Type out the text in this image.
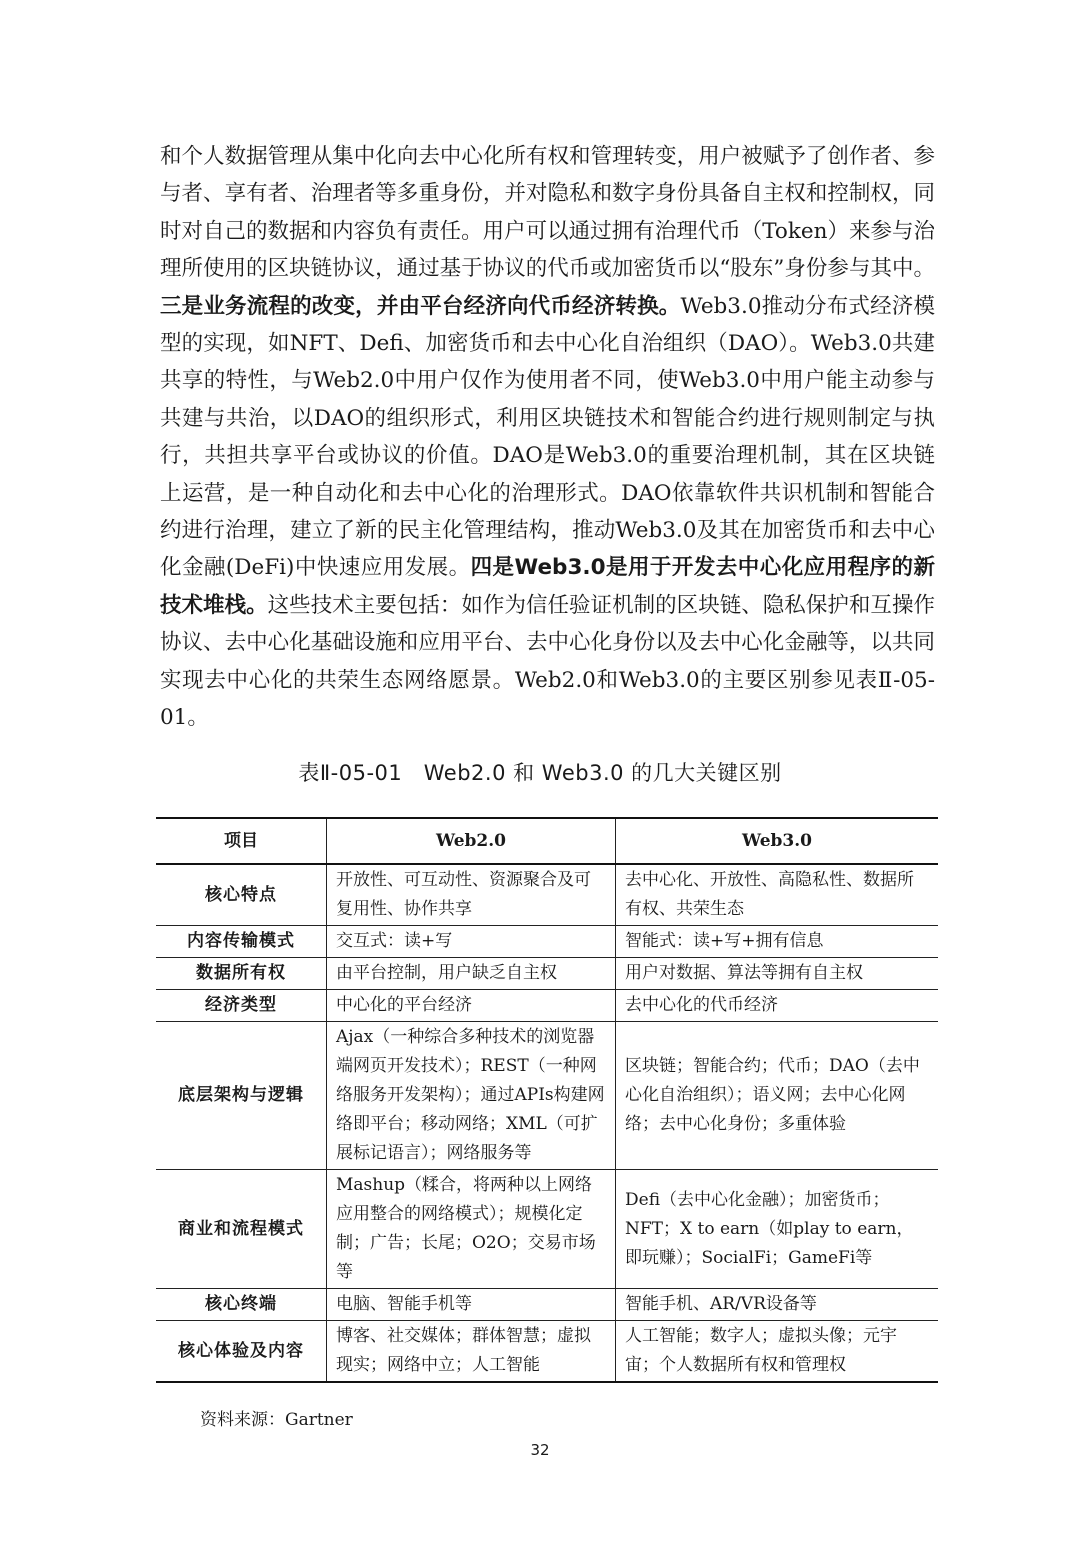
和个人数据管理从集中化向去中心化所有权和管理转变，用户被赋予了创作者、参与者、享有者、治理者等多重身份，并对隐私和数字身份具备自主权和控制权，同时对自己的数据和内容负有责任。用户可以通过拥有治理代币（Token）来参与治理所使用的区块链协议，通过基于协议的代币或加密货币以“股东”身份参与其中。三是业务流程的改变，并由平台经济向代币经济转换。Web3.0推动分布式经济模型的实现，如NFT、Defi、加密货币和去中心化自治组织（DAO）。Web3.0共建共享的特性，与Web2.0中用户仅作为使用者不同，使Web3.0中用户能主动参与共建与共治，以DAO的组织形式，利用区块链技术和智能合约进行规则制定与执行，共担共享平台或协议的价值。DAO是Web3.0的重要治理机制，其在区块链上运营，是一种自动化和去中心化的治理形式。DAO依靠软件共识机制和智能合约进行治理，建立了新的民主化管理结构，推动Web3.0及其在加密货币和去中心化金融(DeFi)中快速应用发展。四是Web3.0是用于开发去中心化应用程序的新技术堆栈。这些技术主要包括：如作为信任验证机制的区块链、隐私保护和互操作协议、去中心化基础设施和应用平台、去中心化身份以及去中心化金融等，以共同实现去中心化的共荣生态网络愿景。Web2.0和Web3.0的主要区别参见表Ⅱ-05-01。

表Ⅱ-05-01　Web2.0 和 Web3.0 的几大关键区别
项目	Web2.0	Web3.0
核心特点	开放性、可互动性、资源聚合及可复用性、协作共享	去中心化、开放性、高隐私性、数据所有权、共荣生态
内容传输模式	交互式：读+写	智能式：读+写+拥有信息
数据所有权	由平台控制，用户缺乏自主权	用户对数据、算法等拥有自主权
经济类型	中心化的平台经济	去中心化的代币经济
底层架构与逻辑	Ajax（一种综合多种技术的浏览器端网页开发技术）；REST（一种网络服务开发架构）；通过APIs构建网络即平台；移动网络；XML（可扩展标记语言）；网络服务等	区块链；智能合约；代币；DAO（去中心化自治组织）；语义网；去中心化网络；去中心化身份；多重体验
商业和流程模式	Mashup（糅合，将两种以上网络应用整合的网络模式）；规模化定制；广告；长尾；O2O；交易市场等	Defi（去中心化金融）；加密货币；NFT；X to earn（如play to earn，即玩赚）；SocialFi；GameFi等
核心终端	电脑、智能手机等	智能手机、AR/VR设备等
核心体验及内容	博客、社交媒体；群体智慧；虚拟现实；网络中立；人工智能	人工智能；数字人；虚拟头像；元宇宙；个人数据所有权和管理权
资料来源：Gartner
32
